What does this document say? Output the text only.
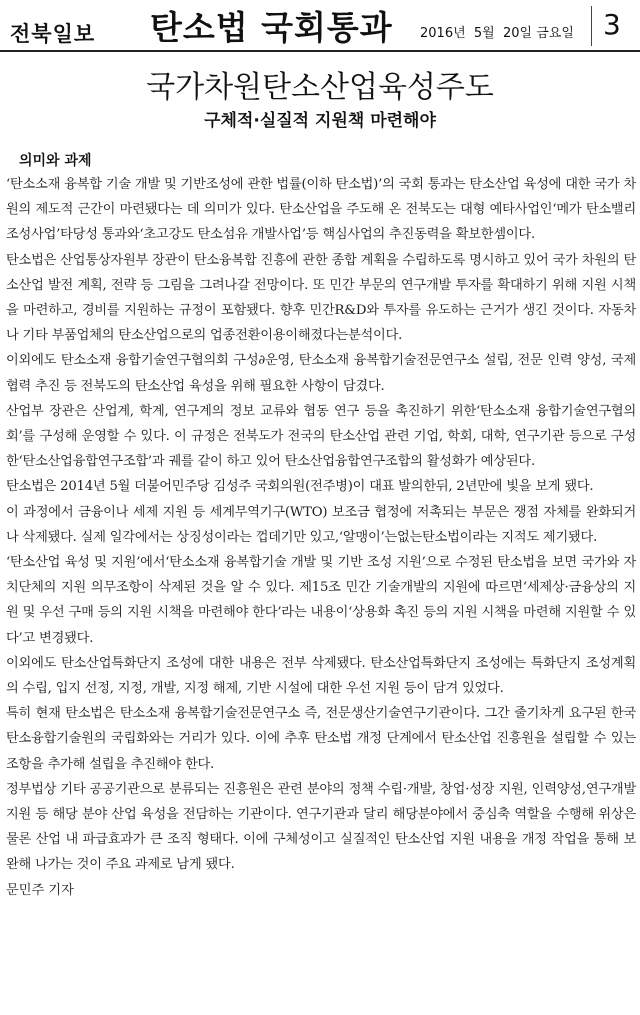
전북일보 탄소법 국회통과 2016년  5월  20일 금요일 3
국가차원탄소산업육성주도
구체적·실질적 지원책 마련해야
의미와 과제

‘탄소소재 융복합 기술 개발 및 기반조성에 관한 법률(이하 탄소법)’의 국회 통과는 탄소산업 육성에 대한 국가 차원의 제도적 근간이 마련됐다는 데 의미가 있다. 탄소산업을 주도해 온 전북도는 대형 예타사업인‘메가 탄소밸리 조성사업’타당성 통과와‘초고강도 탄소섬유 개발사업’등 핵심사업의 추진동력을 확보한셈이다.

탄소법은 산업통상자원부 장관이 탄소융복합 진흥에 관한 종합 계획을 수립하도록 명시하고 있어 국가 차원의 탄소산업 발전 계획, 전략 등 그림을 그려나갈 전망이다. 또 민간 부문의 연구개발 투자를 확대하기 위해 지원 시책을 마련하고, 경비를 지원하는 규정이 포함됐다. 향후 민간R&D와 투자를 유도하는 근거가 생긴 것이다. 자동차나 기타 부품업체의 탄소산업으로의 업종전환이용이해졌다는분석이다.

이외에도 탄소소재 융합기술연구협의회 구성∂운영, 탄소소재 융복합기술전문연구소 설립, 전문 인력 양성, 국제협력 추진 등 전북도의 탄소산업 육성을 위해 필요한 사항이 담겼다.

산업부 장관은 산업계, 학계, 연구계의 정보 교류와 협동 연구 등을 촉진하기 위한‘탄소소재 융합기술연구협의회’를 구성해 운영할 수 있다. 이 규정은 전북도가 전국의 탄소산업 관련 기업, 학회, 대학, 연구기관 등으로 구성한‘탄소산업융합연구조합’과 궤를 같이 하고 있어 탄소산업융합연구조합의 활성화가 예상된다.

탄소법은 2014년 5월 더불어민주당 김성주 국회의원(전주병)이 대표 발의한뒤, 2년만에 빛을 보게 됐다.

이 과정에서 금융이나 세제 지원 등 세계무역기구(WTO) 보조금 협정에 저촉되는 부문은 쟁점 자체를 완화되거나 삭제됐다. 실제 일각에서는 상징성이라는 껍데기만 있고,‘알맹이’는없는탄소법이라는 지적도 제기됐다.

‘탄소산업 육성 및 지원’에서‘탄소소재 융복합기술 개발 및 기반 조성 지원’으로 수정된 탄소법을 보면 국가와 자치단체의 지원 의무조항이 삭제된 것을 알 수 있다. 제15조 민간 기술개발의 지원에 따르면‘세제상·금융상의 지원 및 우선 구매 등의 지원 시책을 마련해야 한다’라는 내용이‘상용화 촉진 등의 지원 시책을 마련해 지원할 수 있다’고 변경됐다.

이외에도 탄소산업특화단지 조성에 대한 내용은 전부 삭제됐다. 탄소산업특화단지 조성에는 특화단지 조성계획의 수립, 입지 선정, 지정, 개발, 지정 해제, 기반 시설에 대한 우선 지원 등이 담겨 있었다.

특히 현재 탄소법은 탄소소재 융복합기술전문연구소 즉, 전문생산기술연구기관이다. 그간 줄기차게 요구된 한국탄소융합기술원의 국립화와는 거리가 있다. 이에 추후 탄소법 개정 단계에서 탄소산업 진흥원을 설립할 수 있는 조항을 추가해 설립을 추진해야 한다.

정부법상 기타 공공기관으로 분류되는 진흥원은 관련 분야의 정책 수립·개발, 창업·성장 지원, 인력양성,연구개발 지원 등 해당 분야 산업 육성을 전담하는 기관이다. 연구기관과 달리 해당분야에서 중심축 역할을 수행해 위상은 물론 산업 내 파급효과가 큰 조직 형태다. 이에 구체성이고 실질적인 탄소산업 지원 내용을 개정 작업을 통해 보완해 나가는 것이 주요 과제로 남게 됐다.

문민주 기자
